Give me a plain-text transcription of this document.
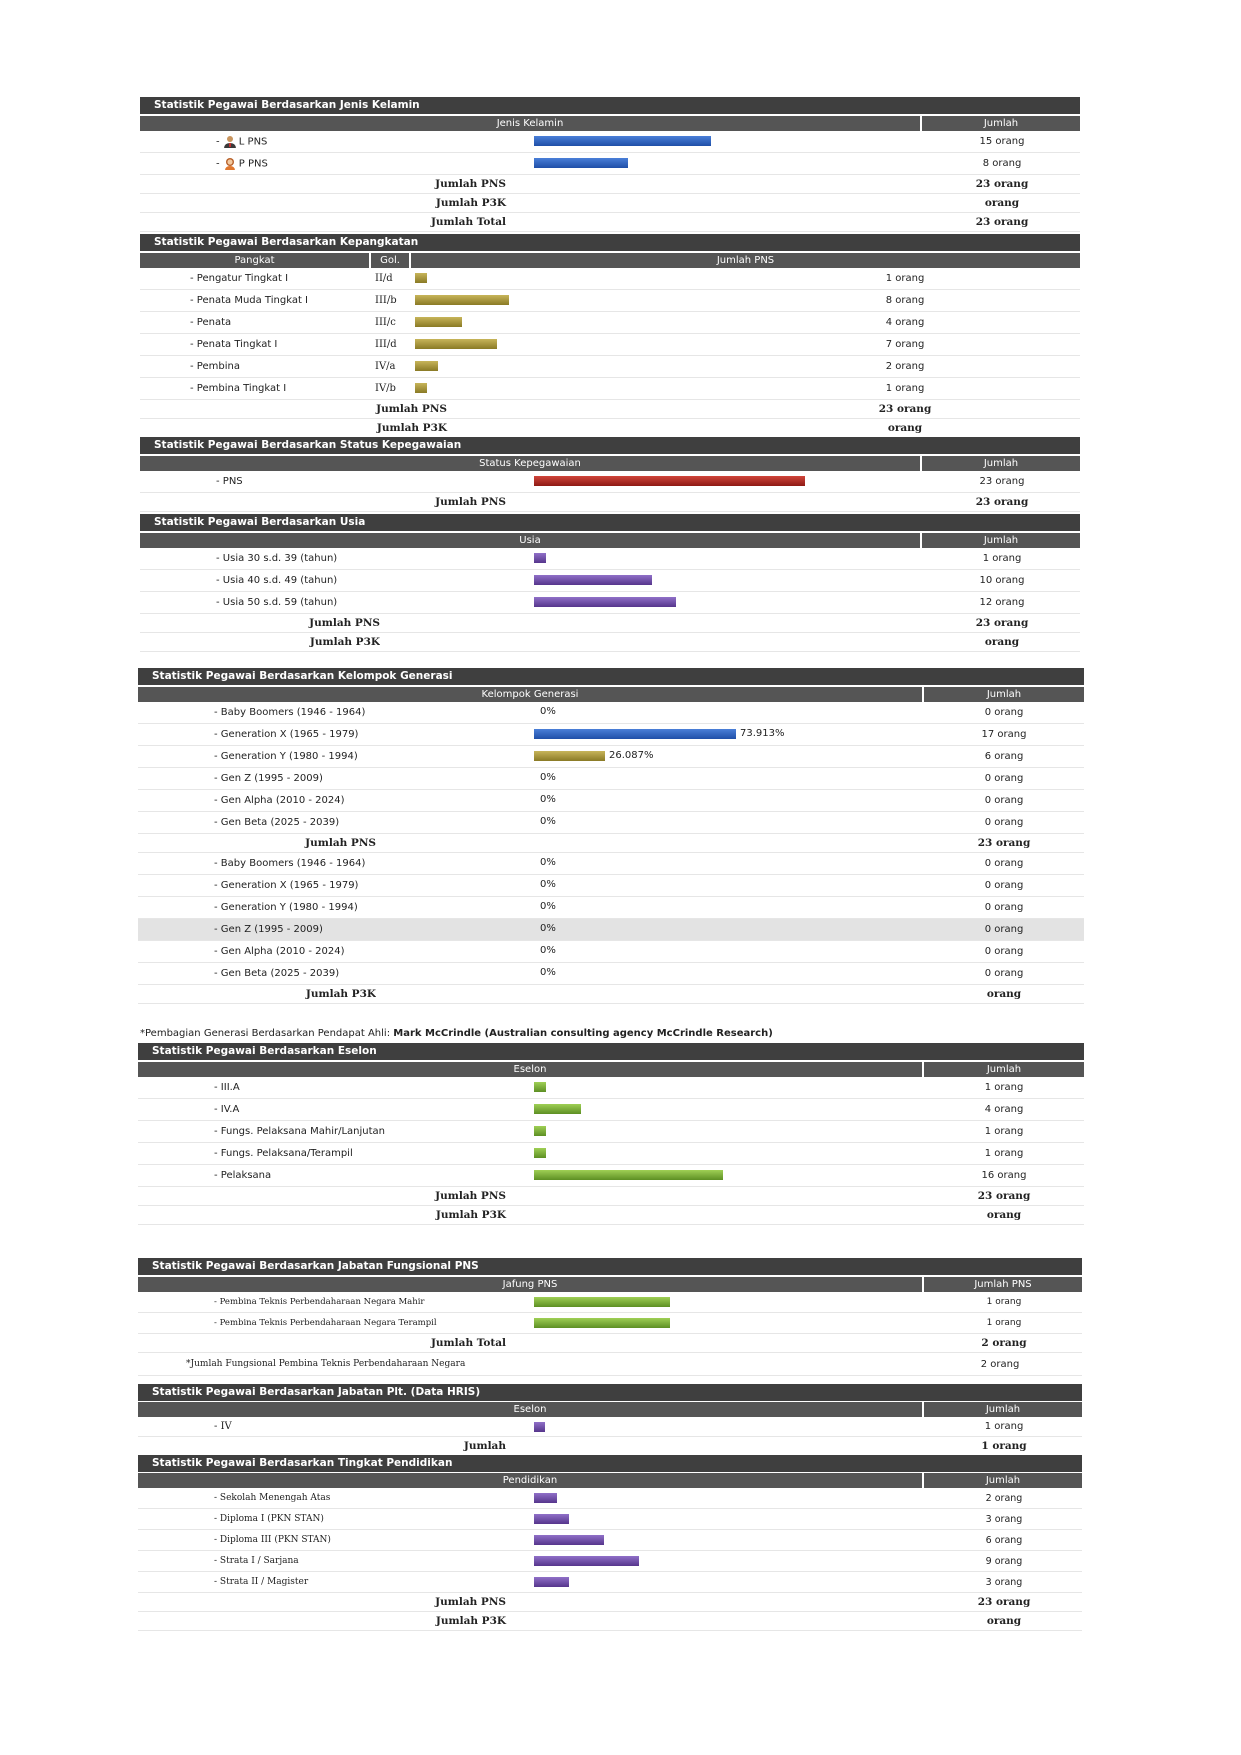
Statistik Pegawai Berdasarkan Jenis Kelamin
Jenis Kelamin	Jumlah
- L PNS	15 orang
- P PNS	8 orang
Jumlah PNS	23 orang
Jumlah P3K	orang
Jumlah Total	23 orang
Statistik Pegawai Berdasarkan Kepangkatan
Pangkat	Gol.	Jumlah PNS
- Pengatur Tingkat I	II/d	1 orang
- Penata Muda Tingkat I	III/b	8 orang
- Penata	III/c	4 orang
- Penata Tingkat I	III/d	7 orang
- Pembina	IV/a	2 orang
- Pembina Tingkat I	IV/b	1 orang
Jumlah PNS	23 orang
Jumlah P3K	orang
Statistik Pegawai Berdasarkan Status Kepegawaian
Status Kepegawaian	Jumlah
- PNS	23 orang
Jumlah PNS	23 orang
Statistik Pegawai Berdasarkan Usia
Usia	Jumlah
- Usia 30 s.d. 39 (tahun)	1 orang
- Usia 40 s.d. 49 (tahun)	10 orang
- Usia 50 s.d. 59 (tahun)	12 orang
Jumlah PNS	23 orang
Jumlah P3K	orang
Statistik Pegawai Berdasarkan Kelompok Generasi
Kelompok Generasi	Jumlah
- Baby Boomers (1946 - 1964)	0%	0 orang
- Generation X (1965 - 1979)	73.913%	17 orang
- Generation Y (1980 - 1994)	26.087%	6 orang
- Gen Z (1995 - 2009)	0%	0 orang
- Gen Alpha (2010 - 2024)	0%	0 orang
- Gen Beta (2025 - 2039)	0%	0 orang
Jumlah PNS	23 orang
- Baby Boomers (1946 - 1964)	0%	0 orang
- Generation X (1965 - 1979)	0%	0 orang
- Generation Y (1980 - 1994)	0%	0 orang
- Gen Z (1995 - 2009)	0%	0 orang
- Gen Alpha (2010 - 2024)	0%	0 orang
- Gen Beta (2025 - 2039)	0%	0 orang
Jumlah P3K	orang
*Pembagian Generasi Berdasarkan Pendapat Ahli: Mark McCrindle (Australian consulting agency McCrindle Research)
Statistik Pegawai Berdasarkan Eselon
Eselon	Jumlah
- III.A	1 orang
- IV.A	4 orang
- Fungs. Pelaksana Mahir/Lanjutan	1 orang
- Fungs. Pelaksana/Terampil	1 orang
- Pelaksana	16 orang
Jumlah PNS	23 orang
Jumlah P3K	orang
Statistik Pegawai Berdasarkan Jabatan Fungsional PNS
Jafung PNS	Jumlah PNS
- Pembina Teknis Perbendaharaan Negara Mahir	1 orang
- Pembina Teknis Perbendaharaan Negara Terampil	1 orang
Jumlah Total	2 orang
*Jumlah Fungsional Pembina Teknis Perbendaharaan Negara	2 orang
Statistik Pegawai Berdasarkan Jabatan Plt. (Data HRIS)
Eselon	Jumlah
- IV	1 orang
Jumlah	1 orang
Statistik Pegawai Berdasarkan Tingkat Pendidikan
Pendidikan	Jumlah
- Sekolah Menengah Atas	2 orang
- Diploma I (PKN STAN)	3 orang
- Diploma III (PKN STAN)	6 orang
- Strata I / Sarjana	9 orang
- Strata II / Magister	3 orang
Jumlah PNS	23 orang
Jumlah P3K	orang
